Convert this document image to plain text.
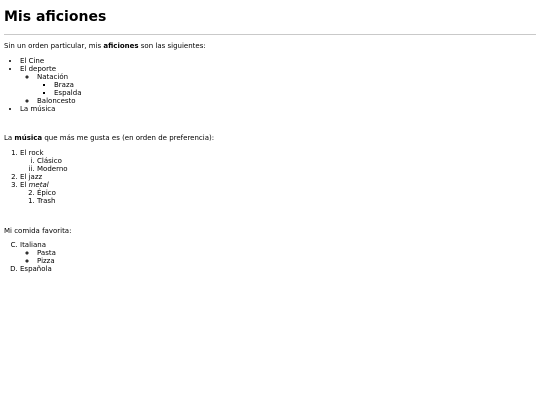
Mis aficiones

Sin un orden particular, mis aficiones son las siguientes:

• El Cine
• El deporte
◦ Natación
▪ Braza
▪ Espalda
◦ Baloncesto
• La música

La música que más me gusta es (en orden de preferencia):

1. El rock
i. Clásico
ii. Moderno
2. El jazz
3. El metal
2. Épico
1. Trash

Mi comida favorita:

C. Italiana
◦ Pasta
◦ Pizza
D. Española
